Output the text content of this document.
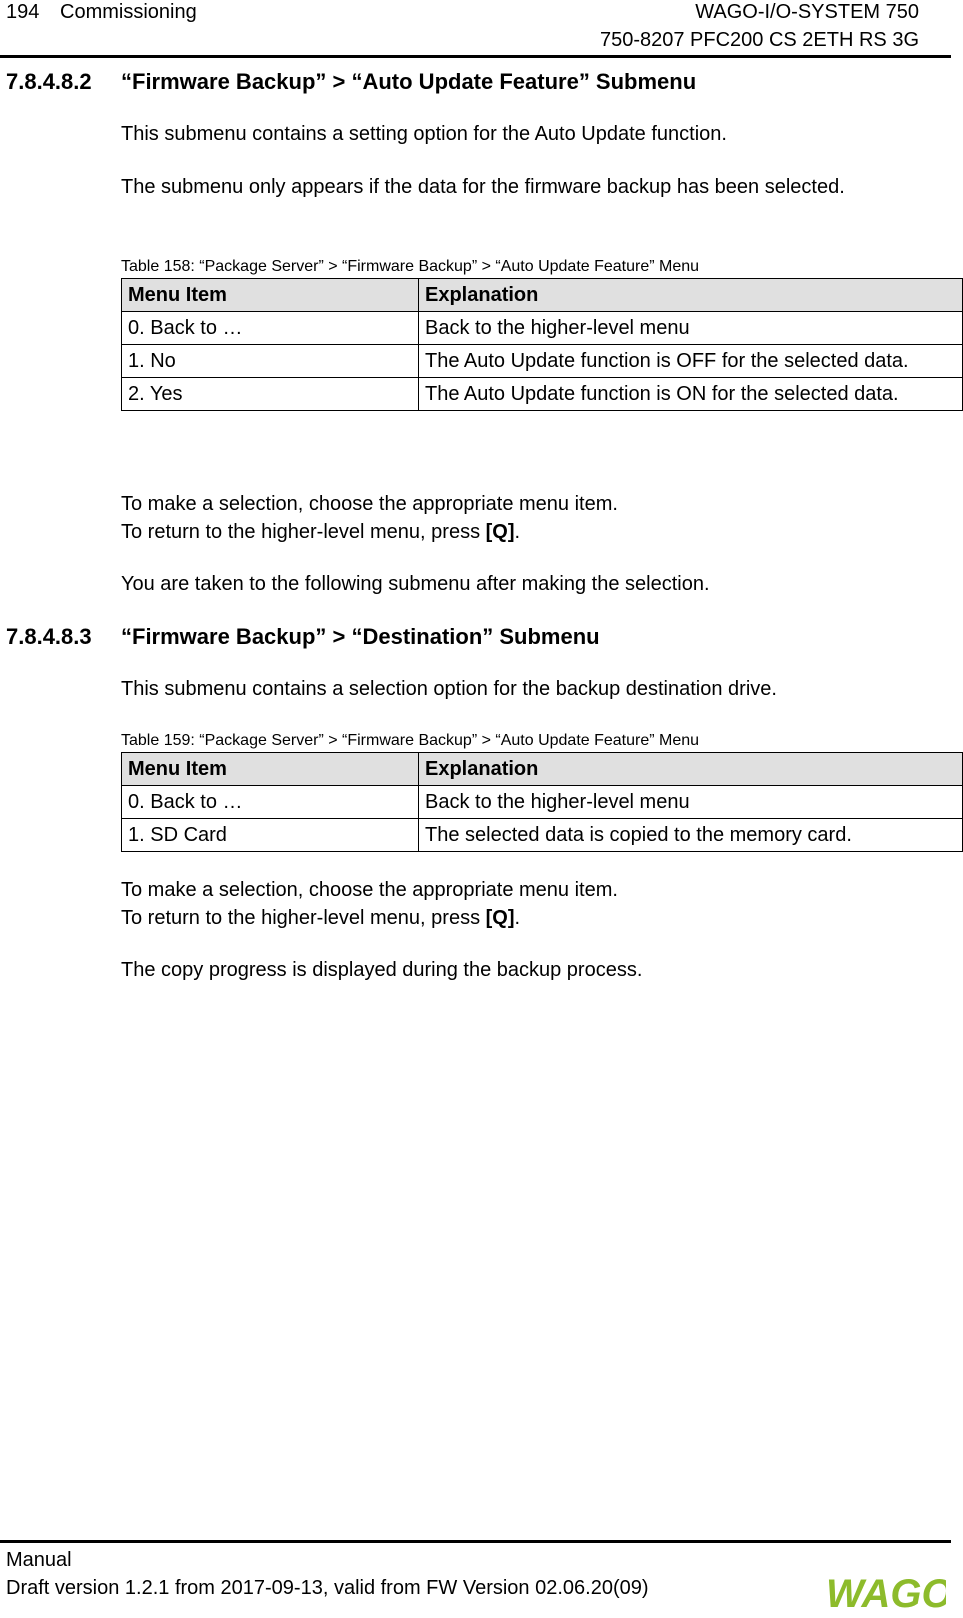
194 Commissioning	WAGO-I/O-SYSTEM 750
750-8207 PFC200 CS 2ETH RS 3G
7.8.4.8.2 “Firmware Backup” > “Auto Update Feature” Submenu
This submenu contains a setting option for the Auto Update function.
The submenu only appears if the data for the firmware backup has been selected.
Table 158: “Package Server” > “Firmware Backup” > “Auto Update Feature” Menu
Menu Item	Explanation
0. Back to …	Back to the higher-level menu
1. No	The Auto Update function is OFF for the selected data.
2. Yes	The Auto Update function is ON for the selected data.
To make a selection, choose the appropriate menu item.
To return to the higher-level menu, press [Q].
You are taken to the following submenu after making the selection.
7.8.4.8.3 “Firmware Backup” > “Destination” Submenu
This submenu contains a selection option for the backup destination drive.
Table 159: “Package Server” > “Firmware Backup” > “Auto Update Feature” Menu
Menu Item	Explanation
0. Back to …	Back to the higher-level menu
1. SD Card	The selected data is copied to the memory card.
To make a selection, choose the appropriate menu item.
To return to the higher-level menu, press [Q].
The copy progress is displayed during the backup process.
Manual
Draft version 1.2.1 from 2017-09-13, valid from FW Version 02.06.20(09)	WAGO
